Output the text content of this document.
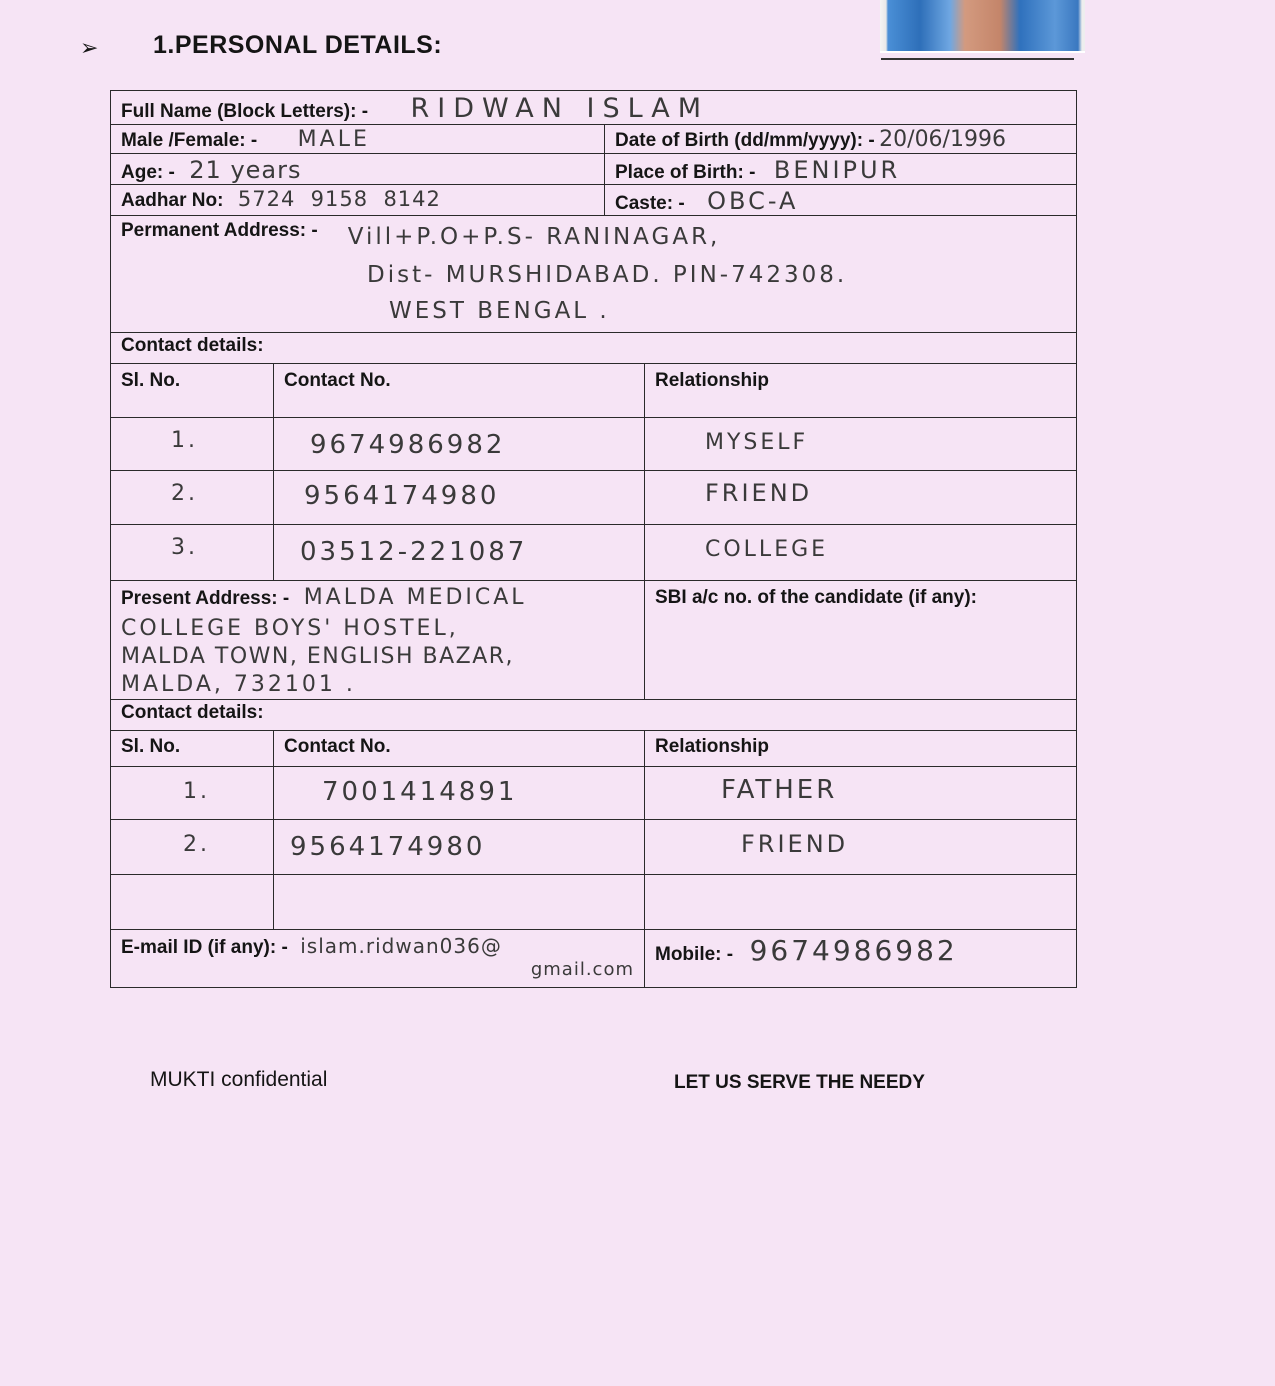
➢ 1.PERSONAL DETAILS:
Full Name (Block Letters): - RIDWAN ISLAM			
Male /Female: - MALE		Date of Birth (dd/mm/yyyy): - 20/06/1996	
Age: - 21 years		Place of Birth: - BENIPUR	
Aadhar No: 5724  9158  8142		Caste: - OBC-A	

Permanent Address: - Vill+P.O+P.S- RANINAGAR,
Dist- MURSHIDABAD. PIN-742308.
WEST BENGAL .			

Contact details:			
Sl. No.	Contact No.		Relationship
1.	9674986982		MYSELF
2.	9564174980		FRIEND
3.	03512-221087		COLLEGE

Present Address: - MALDA MEDICAL
COLLEGE BOYS' HOSTEL,
MALDA TOWN, ENGLISH BAZAR,
MALDA, 732101 .			SBI a/c no. of the candidate (if any):
Contact details:			
Sl. No.	Contact No.		Relationship
1.	7001414891		FATHER
2.	9564174980		FRIEND

E-mail ID (if any): - islam.ridwan036@
gmail.com			Mobile: - 9674986982
MUKTI confidential	LET US SERVE THE NEEDY
